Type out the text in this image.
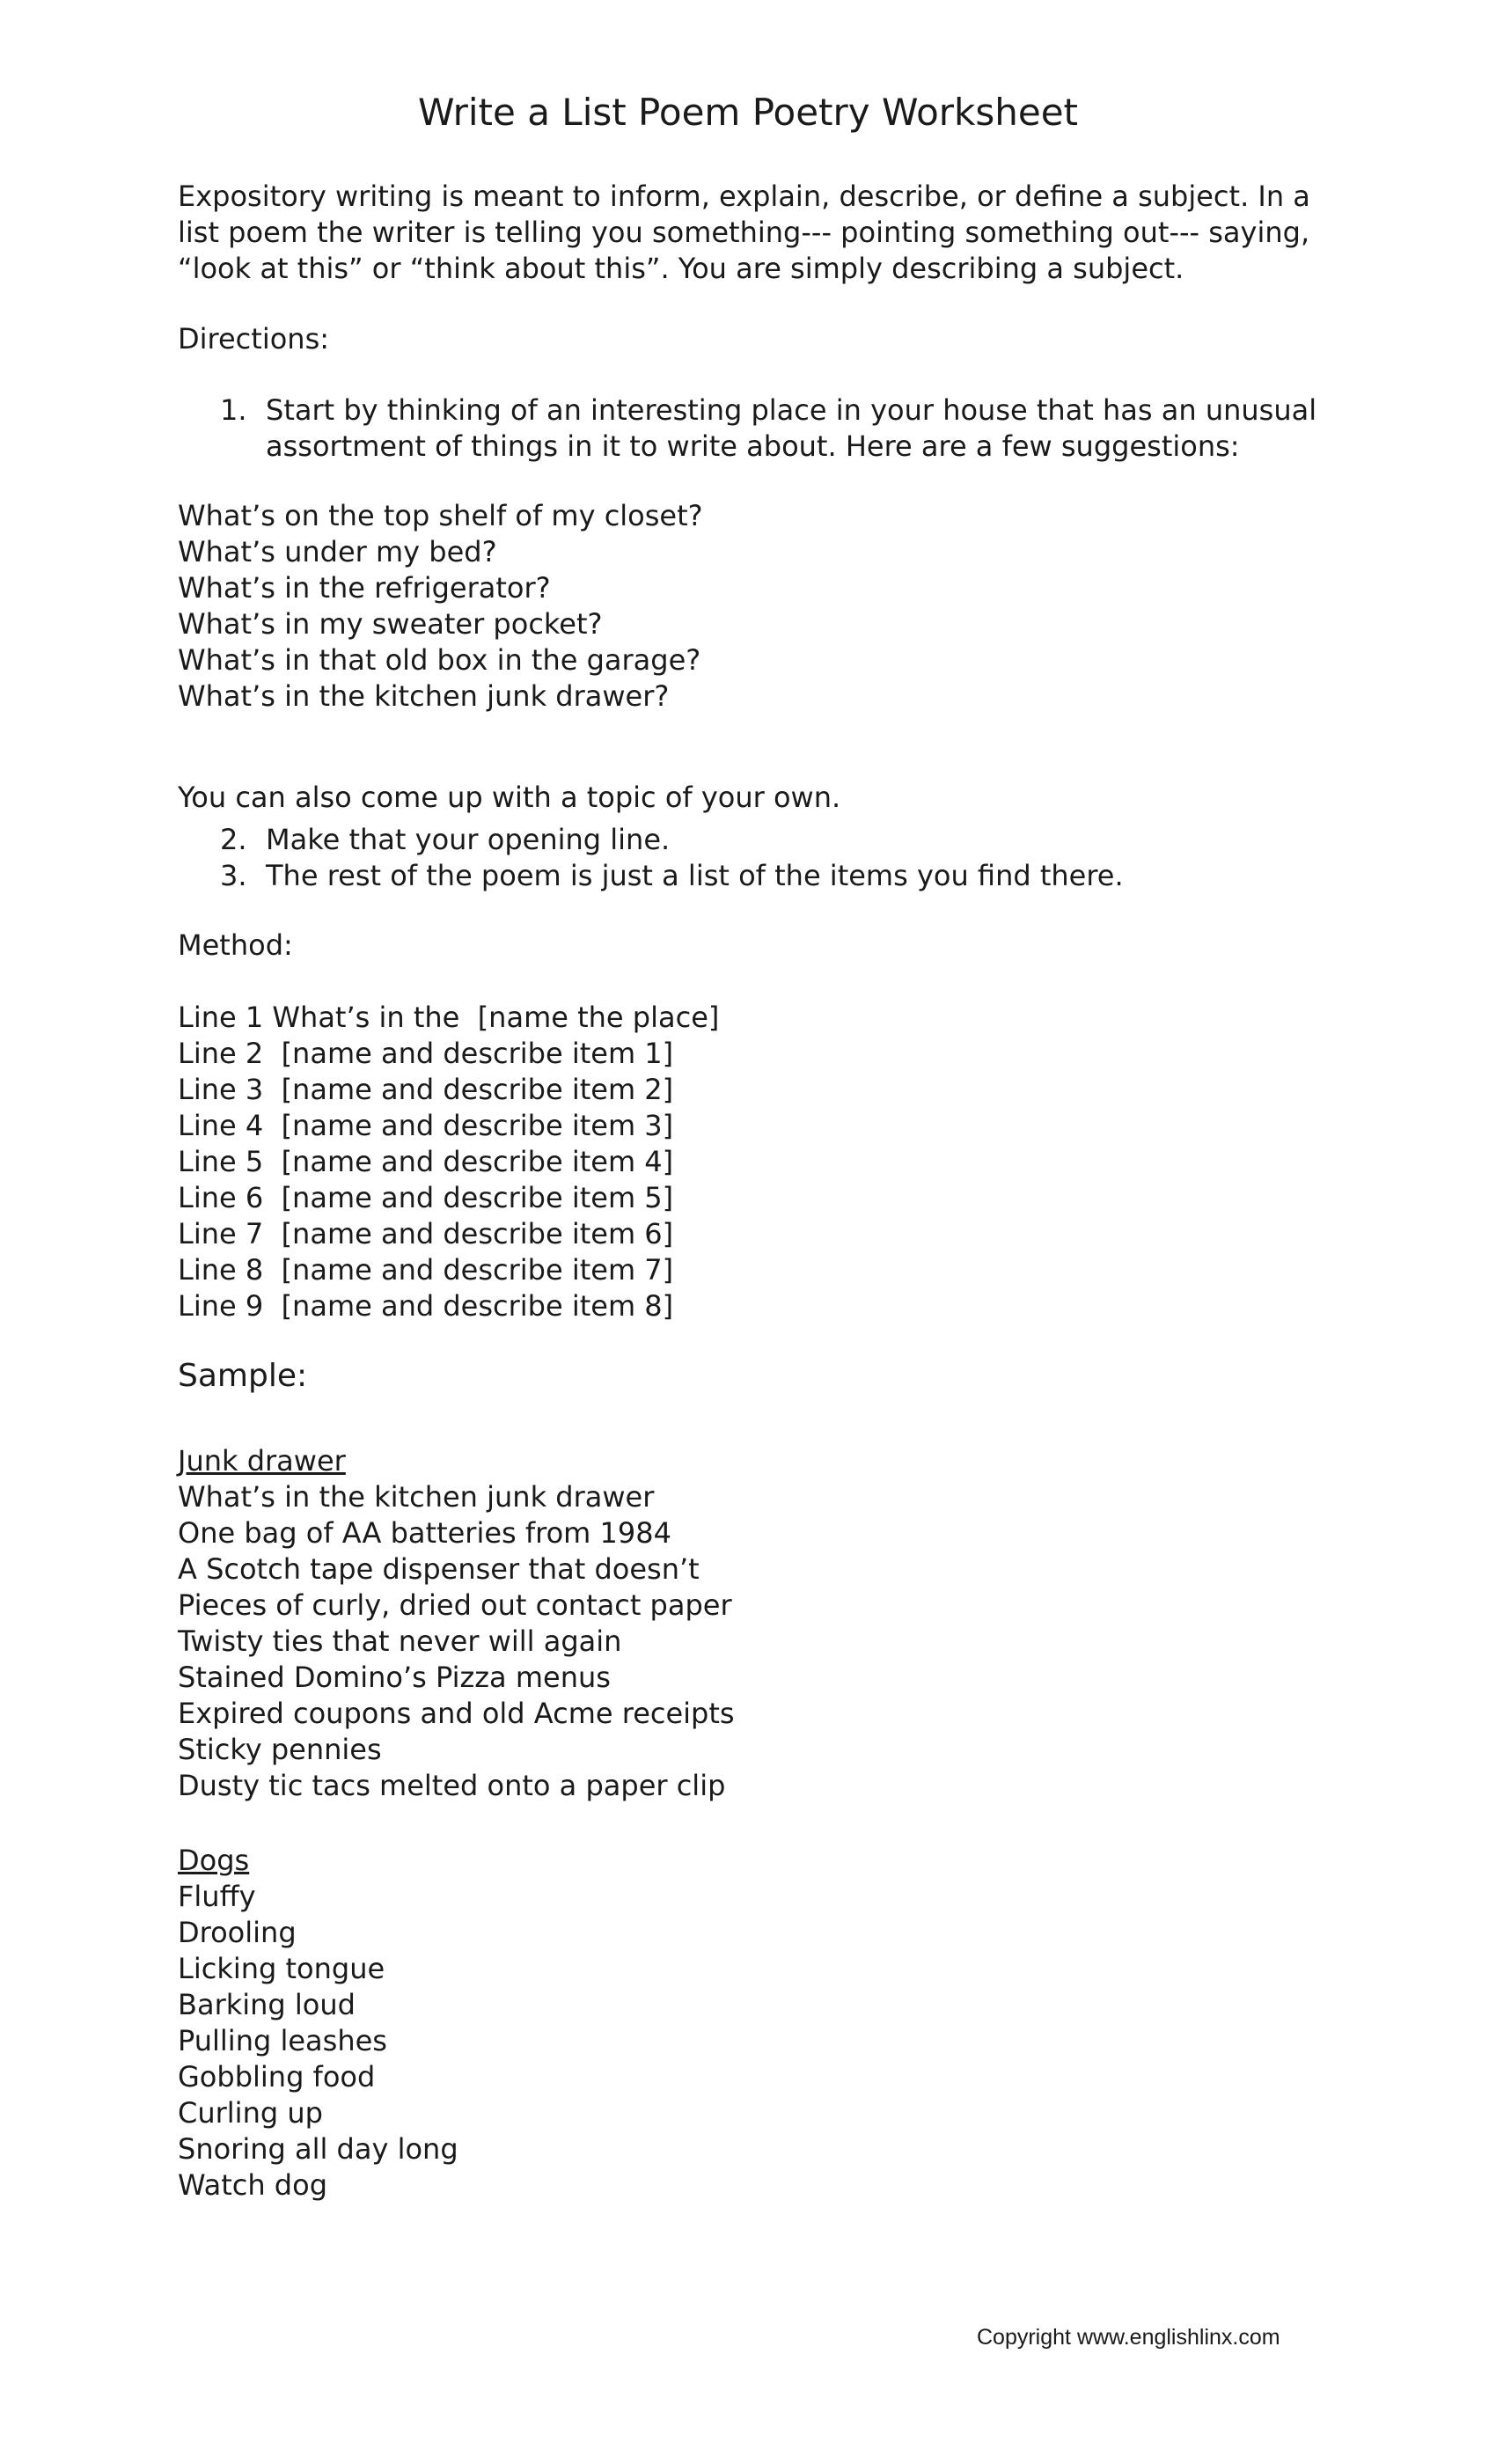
Write a List Poem Poetry Worksheet

Expository writing is meant to inform, explain, describe, or define a subject. In a list poem the writer is telling you something--- pointing something out--- saying, “look at this” or “think about this”. You are simply describing a subject.

Directions:

1. Start by thinking of an interesting place in your house that has an unusual assortment of things in it to write about. Here are a few suggestions:
What’s on the top shelf of my closet?
What’s under my bed?
What’s in the refrigerator?
What’s in my sweater pocket?
What’s in that old box in the garage?
What’s in the kitchen junk drawer?

You can also come up with a topic of your own.

2. Make that your opening line.
3. The rest of the poem is just a list of the items you find there.

Method:

Line 1 What’s in the  [name the place]
Line 2  [name and describe item 1]
Line 3  [name and describe item 2]
Line 4  [name and describe item 3]
Line 5  [name and describe item 4]
Line 6  [name and describe item 5]
Line 7  [name and describe item 6]
Line 8  [name and describe item 7]
Line 9  [name and describe item 8]

Sample:

Junk drawer
What’s in the kitchen junk drawer
One bag of AA batteries from 1984
A Scotch tape dispenser that doesn’t
Pieces of curly, dried out contact paper
Twisty ties that never will again
Stained Domino’s Pizza menus
Expired coupons and old Acme receipts
Sticky pennies
Dusty tic tacs melted onto a paper clip
Dogs
Fluffy
Drooling
Licking tongue
Barking loud
Pulling leashes
Gobbling food
Curling up
Snoring all day long
Watch dog
Copyright www.englishlinx.com
